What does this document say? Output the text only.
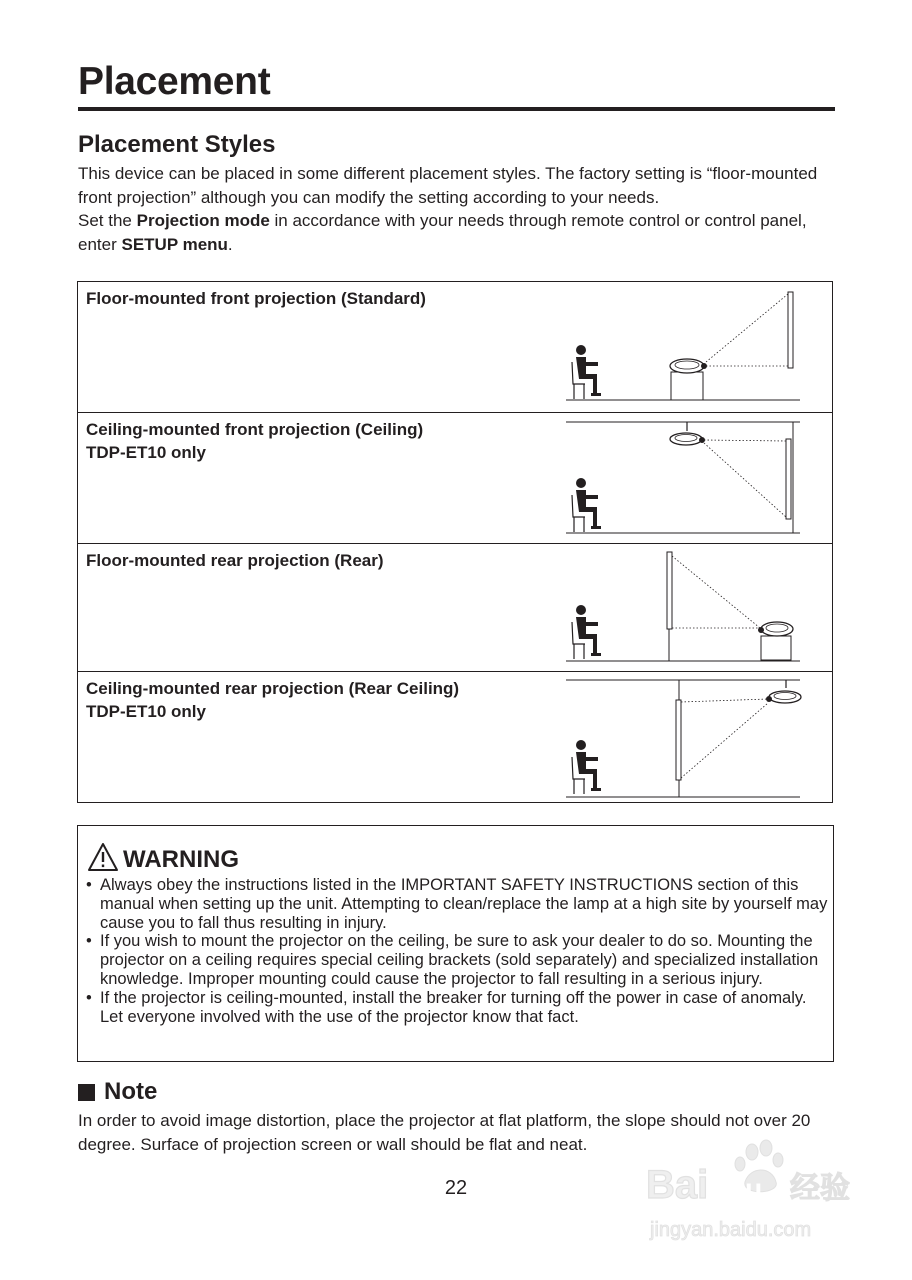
Placement
Placement Styles
This device can be placed in some different placement styles. The factory setting is “floor-mounted front projection” although you can modify the setting according to your needs.
Set the Projection mode in accordance with your needs through remote control or control panel, enter SETUP menu.
Floor-mounted front projection (Standard)
Ceiling-mounted front projection (Ceiling)
TDP-ET10 only
Floor-mounted rear projection (Rear)
Ceiling-mounted rear projection (Rear Ceiling)
TDP-ET10 only
WARNING
• Always obey the instructions listed in the IMPORTANT SAFETY INSTRUCTIONS section of this manual when setting up the unit. Attempting to clean/replace the lamp at a high site by yourself may cause you to fall thus resulting in injury.
• If you wish to mount the projector on the ceiling, be sure to ask your dealer to do so. Mounting the projector on a ceiling requires special ceiling brackets (sold separately) and specialized installation knowledge. Improper mounting could cause the projector to fall resulting in a serious injury.
• If the projector is ceiling-mounted, install the breaker for turning off the power in case of anomaly. Let everyone involved with the use of the projector know that fact.
Note
In order to avoid image distortion, place the projector at flat platform, the slope should not over 20 degree. Surface of projection screen or wall should be flat and neat.
22	Bai du 经验
jingyan.baidu.com
